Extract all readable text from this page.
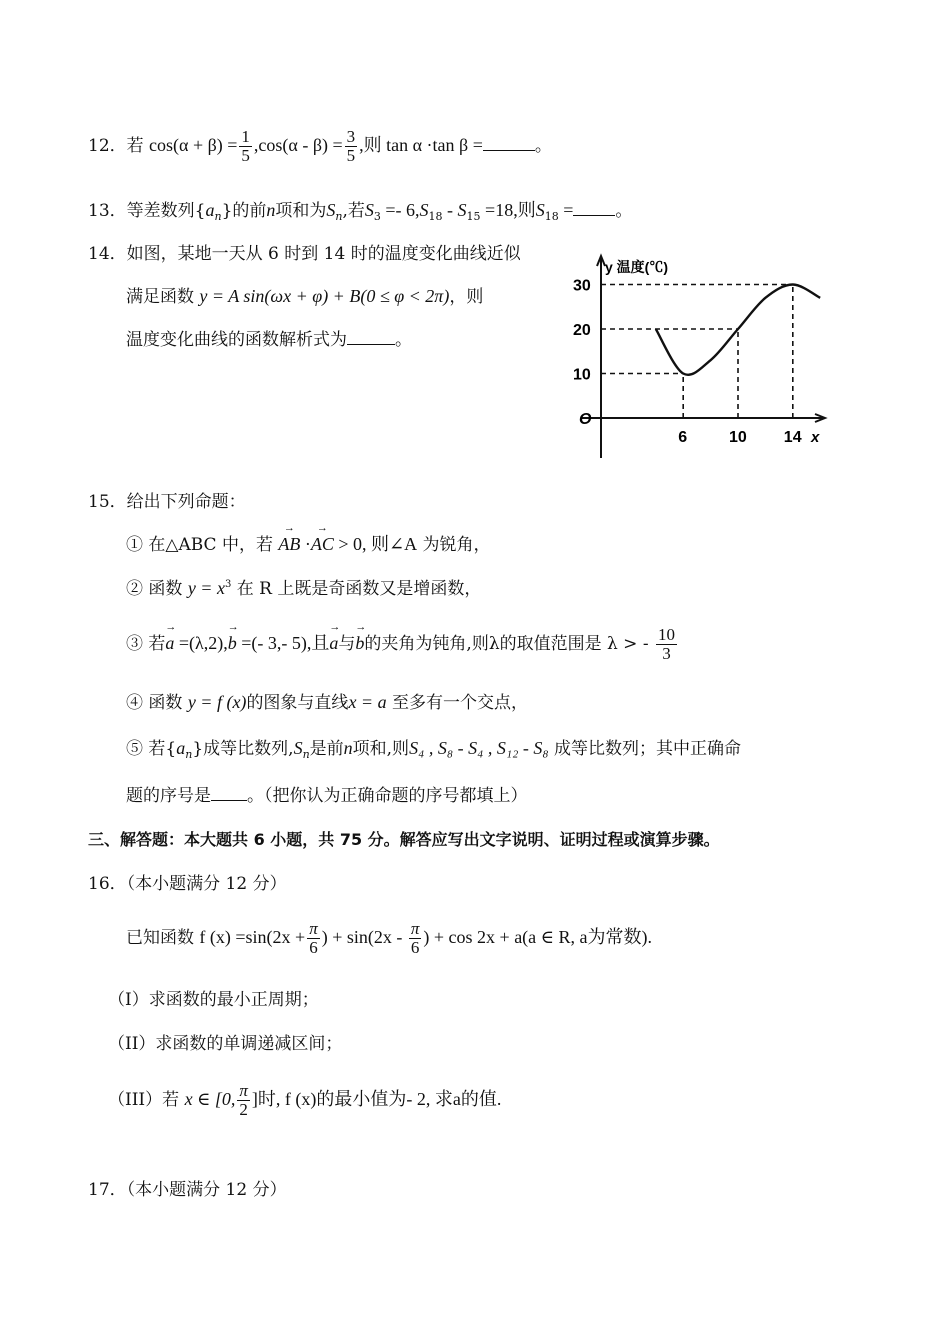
12．若 $\cos(\alpha + \beta) = \frac{1}{5} ,\cos(\alpha - \beta) = \frac{3}{5}$ ,则 tan α ·tan β =	。
13．等差数列$\{a_n\}$的前n项和为$S_n$,若$S_3 =- 6,S_{18} - S_{15} =18$,则$S_{18}$ = 。
14．如图，某地一天从 6 时到 14 时的温度变化曲线近似
满足函数 y = A sin(ωx + φ) + B(0 ≤ φ < 2π)，则
温度变化曲线的函数解析式为	。
y 温度(℃)
x
O
10
20
30
6	10 14
15．给出下列命题：
① 在△ABC 中，若 → AB ·→ AC > 0, 则∠A 为锐角，
② 函数 $y = x^3$ 在 R 上既是奇函数又是增函数，
③ 若→ a =(λ,2),→ b =(- 3,- 5),且→ a与→ b的夹角为钝角,则λ的取值范围是 λ > - $\frac{10}{3}$
④ 函数 y = f (x)的图象与直线x = a 至多有一个交点，
⑤ 若$\{a_n\}$成等比数列$,S_n$是前n项和,则S₄ , S₈ - S₄ , S₁₂ - S₈ 成等比数列；其中正确命
题的序号是 。（把你认为正确命题的序号都填上）
三、解答题：本大题共 6 小题，共 75 分。解答应写出文字说明、证明过程或演算步骤。
16．（本小题满分 12 分）
已知函数 f $(x) =\sin(2x + \frac{\pi}{6}$ ) + $\sin(2x - \frac{\pi}{6}$ ) + cos 2x + a(a ∈ R, a为常数).
（I）求函数的最小正周期；
（II）求函数的单调递减区间；
（III）若 x ∈ [0, $\frac{\pi}{2}$ ]时, f (x)的最小值为- 2, 求a的值.
17．（本小题满分 12 分）
